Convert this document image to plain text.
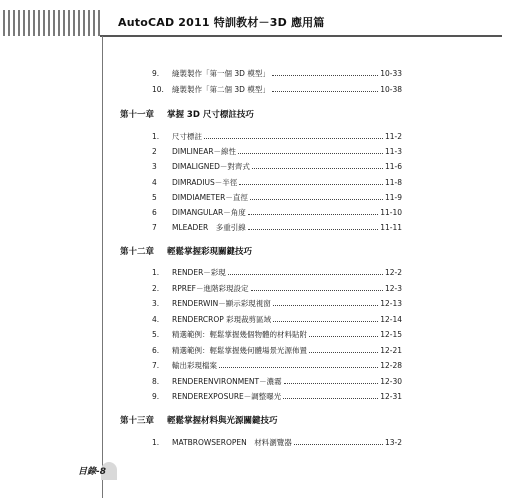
AutoCAD 2011 特訓教材－3D 應用篇
9.	縫製製作「第一個 3D 模型」	10-33
10.	縫製製作「第二個 3D 模型」	10-38
第十一章 掌握 3D 尺寸標註技巧
1.	尺寸標註	11-2
2	DIMLINEAR－線性	11-3
3	DIMALIGNED－對齊式	11-6
4	DIMRADIUS－半徑	11-8
5	DIMDIAMETER－直徑	11-9
6	DIMANGULAR－角度	11-10
7	MLEADER　多重引線	11-11
第十二章 輕鬆掌握彩現關鍵技巧
1.	RENDER－彩現	12-2
2.	RPREF－進階彩現設定	12-3
3.	RENDERWIN－顯示彩現視窗	12-13
4.	RENDERCROP 彩現裁剪區域	12-14
5.	精選範例：輕鬆掌握幾個物體的材料貼附	12-15
6.	精選範例：輕鬆掌握幾何體場景光源佈置	12-21
7.	輸出彩現檔案	12-28
8.	RENDERENVIRONMENT－濃霧	12-30
9.	RENDEREXPOSURE－調整曝光	12-31
第十三章 輕鬆掌握材料與光源關鍵技巧
1.	MATBROWSEROPEN　材料瀏覽器	13-2
目錄-8
